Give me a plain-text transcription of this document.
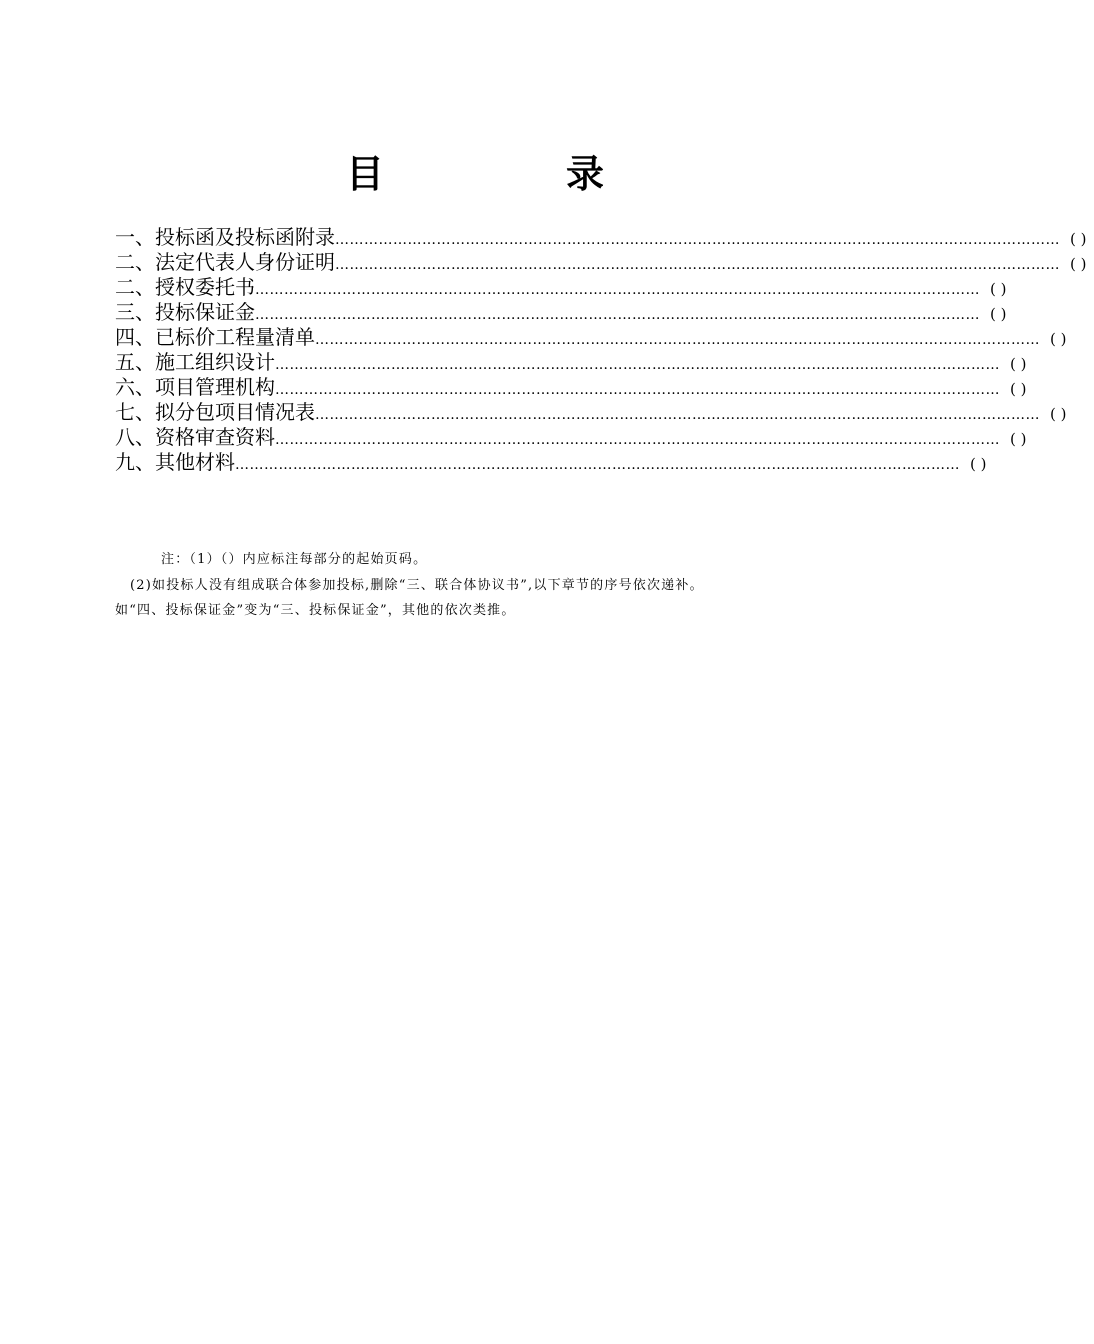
目　录
一、投标函及投标函附录 …………………………………………………………………………………………………………………………………… ( )
二、法定代表人身份证明 …………………………………………………………………………………………………………………………………… ( )
二、授权委托书 …………………………………………………………………………………………………………………………………… ( )
三、投标保证金 …………………………………………………………………………………………………………………………………… ( )
四、已标价工程量清单 …………………………………………………………………………………………………………………………………… ( )
五、施工组织设计 …………………………………………………………………………………………………………………………………… ( )
六、项目管理机构 …………………………………………………………………………………………………………………………………… ( )
七、拟分包项目情况表 …………………………………………………………………………………………………………………………………… ( )
八、资格审查资料 …………………………………………………………………………………………………………………………………… ( )
九、其他材料 …………………………………………………………………………………………………………………………………… ( )
注：（1）（）内应标注每部分的起始页码。
(2)如投标人没有组成联合体参加投标,删除“三、联合体协议书”,以下章节的序号依次递补。
如“四、投标保证金”变为“三、投标保证金”，其他的依次类推。
